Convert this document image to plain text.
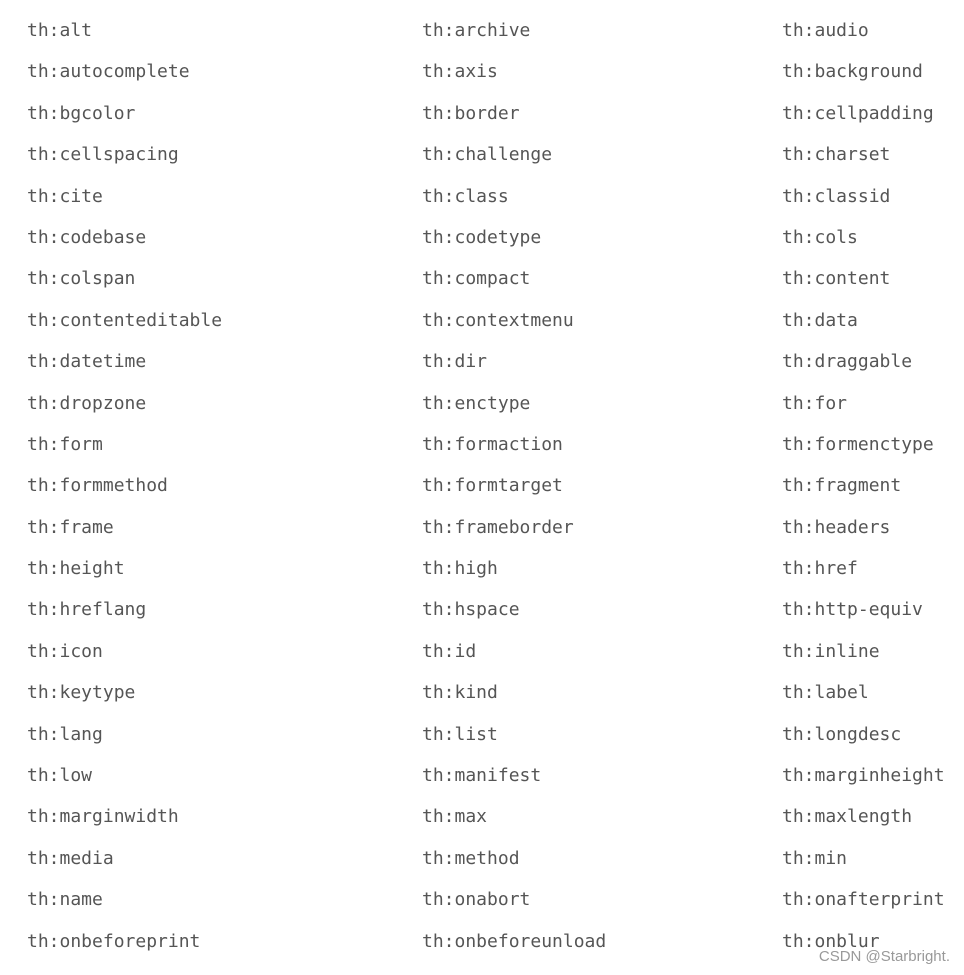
th:alt	th:archive	th:audio
th:autocomplete	th:axis	th:background
th:bgcolor	th:border	th:cellpadding
th:cellspacing	th:challenge	th:charset
th:cite	th:class	th:classid
th:codebase	th:codetype	th:cols
th:colspan	th:compact	th:content
th:contenteditable	th:contextmenu	th:data
th:datetime	th:dir	th:draggable
th:dropzone	th:enctype	th:for
th:form	th:formaction	th:formenctype
th:formmethod	th:formtarget	th:fragment
th:frame	th:frameborder	th:headers
th:height	th:high	th:href
th:hreflang	th:hspace	th:http-equiv
th:icon	th:id	th:inline
th:keytype	th:kind	th:label
th:lang	th:list	th:longdesc
th:low	th:manifest	th:marginheight
th:marginwidth	th:max	th:maxlength
th:media	th:method	th:min
th:name	th:onabort	th:onafterprint
th:onbeforeprint	th:onbeforeunload	th:onblur
CSDN @Starbright.
